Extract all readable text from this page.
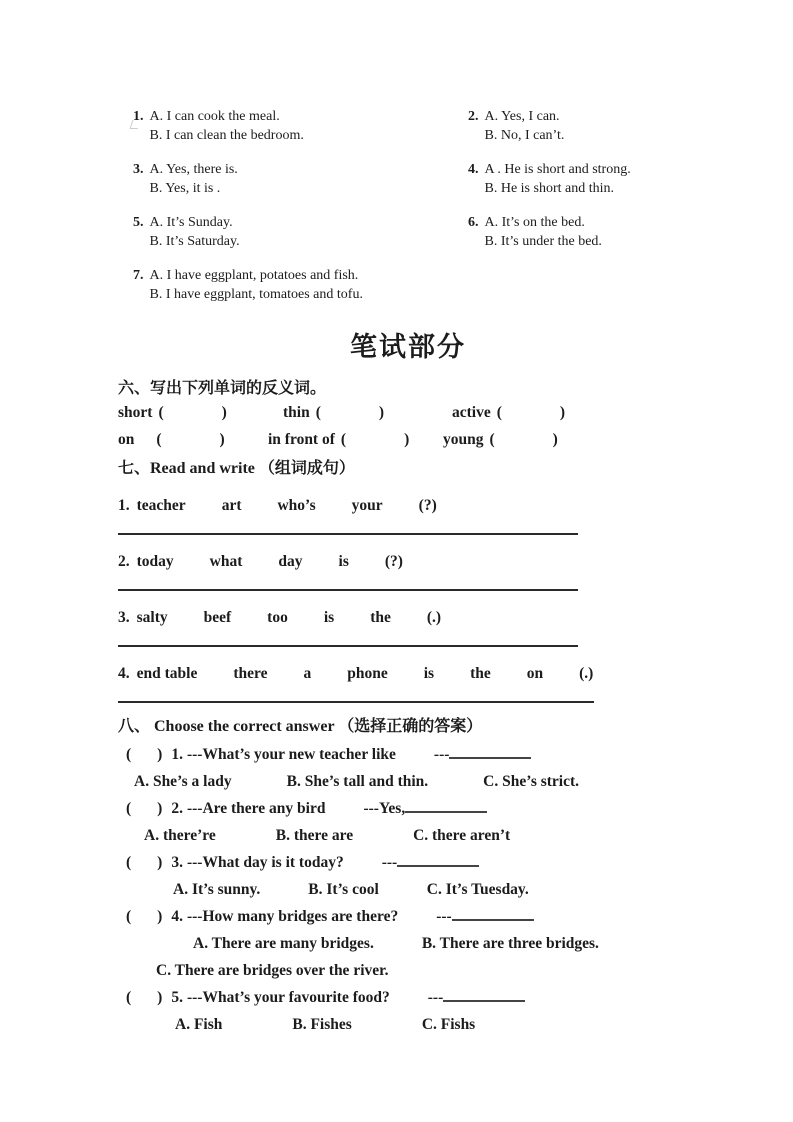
1. A. I can cook the meal.
B. I can clean the bedroom.
2. A. Yes, I can.
B. No, I can’t.
3. A. Yes, there is.
B. Yes, it is .
4. A . He is short and strong.
B. He is short and thin.
5. A. It’s Sunday.
B. It’s Saturday.
6. A. It’s on the bed.
B. It’s under the bed.
7. A. I have eggplant, potatoes and fish.
B. I have eggplant, tomatoes and tofu.
笔试部分
六、写出下列单词的反义词。
short (	)	thin (	)	active (	)
on (	)	in front of (	) young (	)
七、Read and write （组词成句）
1. teacher art who’s your (?)
2. today what day is (?)
3. salty beef too is the (.)
4. end table there a phone is the on (.)
八、 Choose the correct answer （选择正确的答案）
( ) 1. ---What’s your new teacher like ---
A. She’s a lady	B. She’s tall and thin.	C. She’s strict.
( ) 2. ---Are there any bird ---Yes,
A. there’re	B. there are	C. there aren’t
( ) 3. ---What day is it today? ---
A. It’s sunny.	B. It’s cool	C. It’s Tuesday.
( ) 4. ---How many bridges are there? ---
A. There are many bridges.	B. There are three bridges.
C. There are bridges over the river.
( ) 5. ---What’s your favourite food? ---
A. Fish	B. Fishes	C. Fishs
